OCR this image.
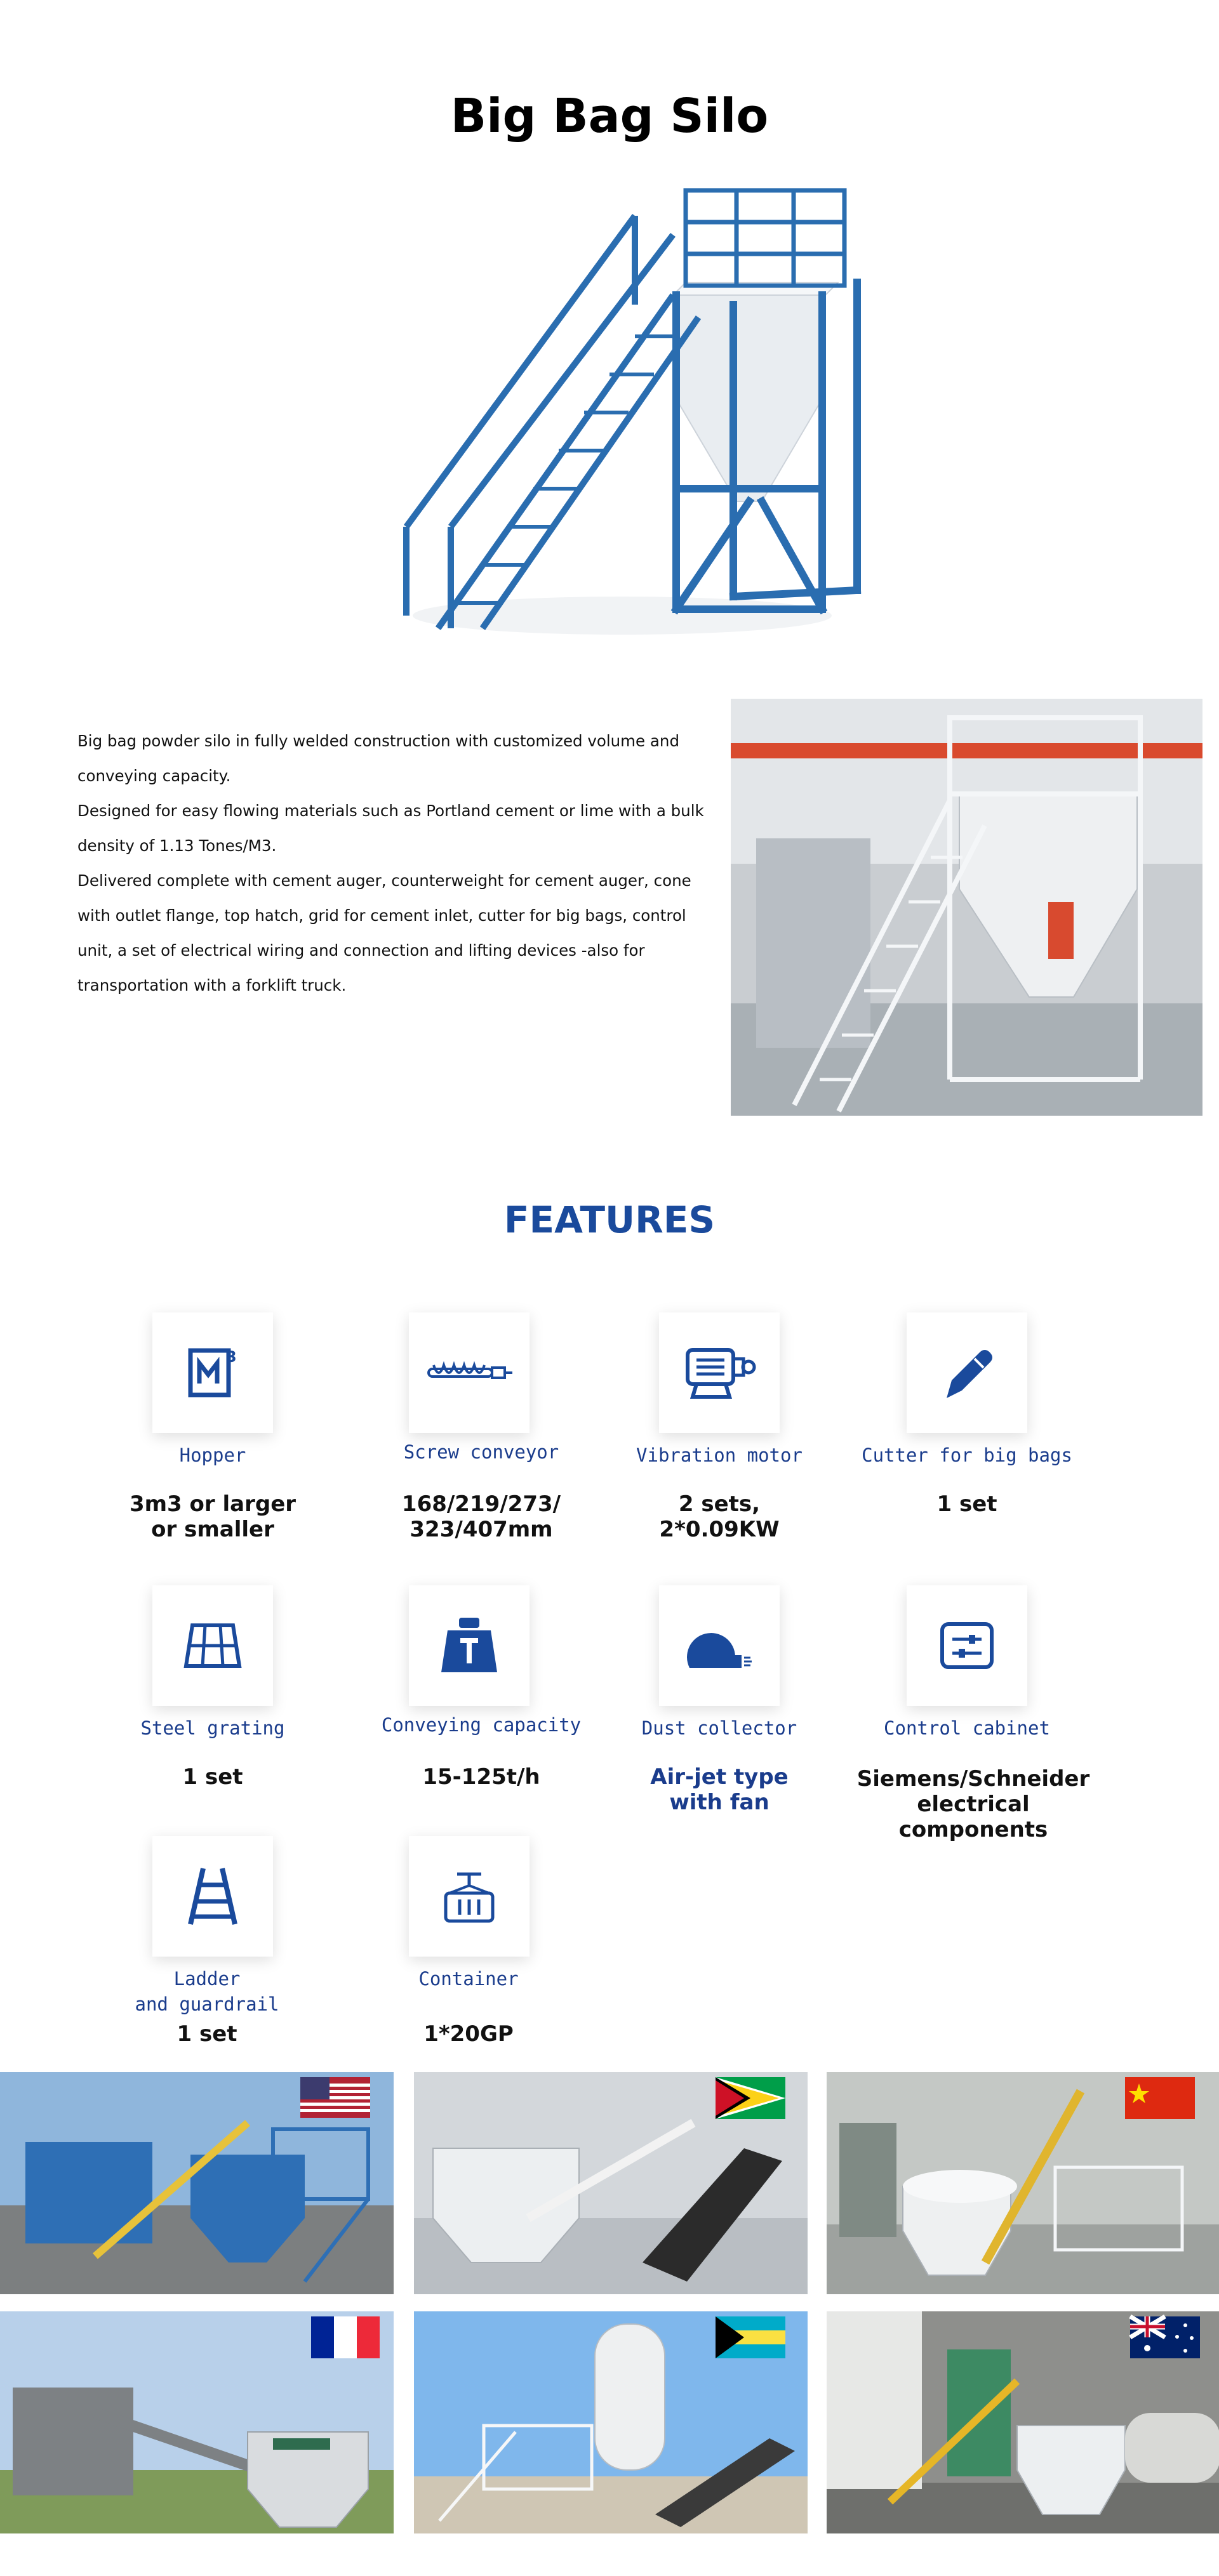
Big Bag Silo

Big bag powder silo in fully welded construction with customized volume and conveying capacity.

Designed for easy flowing materials such as Portland cement or lime with a bulk density of 1.13 Tones/M3.

Delivered complete with cement auger, counterweight for cement auger, cone with outlet flange, top hatch, grid for cement inlet, cutter for big bags, control unit, a set of electrical wiring and connection and lifting devices -also for transportation with a forklift truck.

FEATURES
3
Hopper
3m3 or larger
or smaller
Screw conveyor
168/219/273/
323/407mm
Vibration motor
2 sets,
2*0.09KW
Cutter for big bags
1 set
Steel grating
1 set
Conveying capacity
15-125t/h
Dust collector
Air-jet type
with fan
Control cabinet
Siemens/Schneider
electrical components
Ladder
and guardrail
1 set
Container
1*20GP
